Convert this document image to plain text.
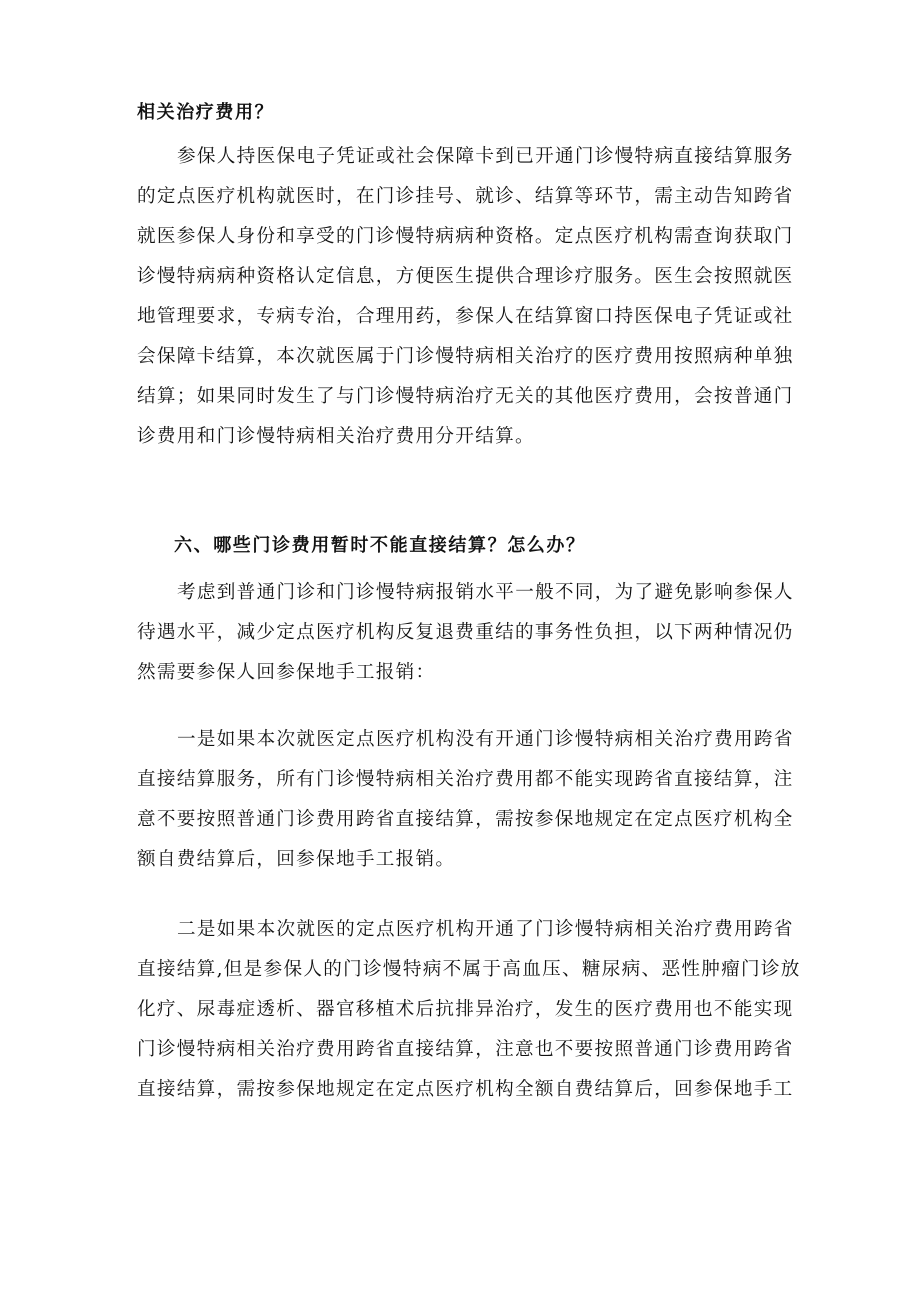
相关治疗费用？

参保人持医保电子凭证或社会保障卡到已开通门诊慢特病直接结算服务
的定点医疗机构就医时，在门诊挂号、就诊、结算等环节，需主动告知跨省
就医参保人身份和享受的门诊慢特病病种资格。定点医疗机构需查询获取门
诊慢特病病种资格认定信息，方便医生提供合理诊疗服务。医生会按照就医
地管理要求，专病专治，合理用药，参保人在结算窗口持医保电子凭证或社
会保障卡结算，本次就医属于门诊慢特病相关治疗的医疗费用按照病种单独
结算；如果同时发生了与门诊慢特病治疗无关的其他医疗费用，会按普通门
诊费用和门诊慢特病相关治疗费用分开结算。

六、哪些门诊费用暂时不能直接结算？怎么办？

考虑到普通门诊和门诊慢特病报销水平一般不同，为了避免影响参保人
待遇水平，减少定点医疗机构反复退费重结的事务性负担，以下两种情况仍
然需要参保人回参保地手工报销：

一是如果本次就医定点医疗机构没有开通门诊慢特病相关治疗费用跨省
直接结算服务，所有门诊慢特病相关治疗费用都不能实现跨省直接结算，注
意不要按照普通门诊费用跨省直接结算，需按参保地规定在定点医疗机构全
额自费结算后，回参保地手工报销。

二是如果本次就医的定点医疗机构开通了门诊慢特病相关治疗费用跨省
直接结算,但是参保人的门诊慢特病不属于高血压、糖尿病、恶性肿瘤门诊放
化疗、尿毒症透析、器官移植术后抗排异治疗，发生的医疗费用也不能实现
门诊慢特病相关治疗费用跨省直接结算，注意也不要按照普通门诊费用跨省
直接结算，需按参保地规定在定点医疗机构全额自费结算后，回参保地手工
